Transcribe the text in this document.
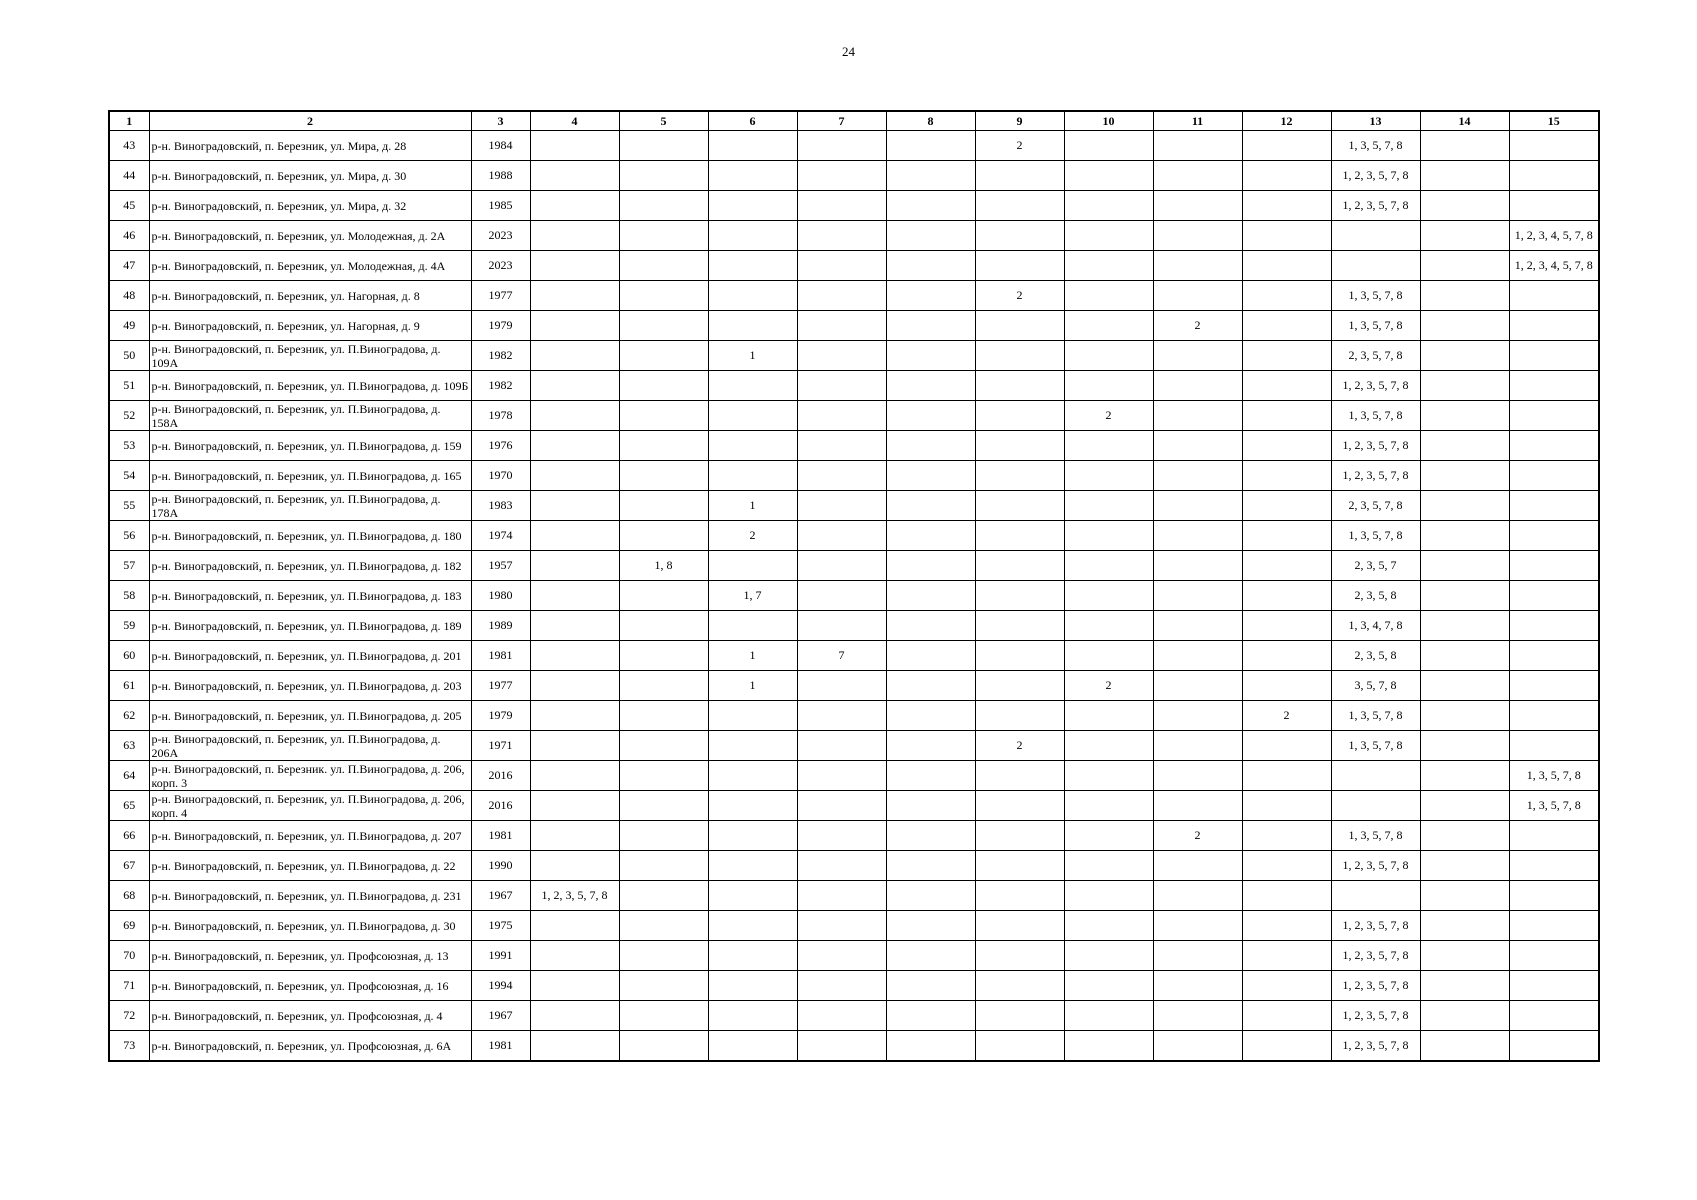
24
1	2	3	4	5	6	7	8	9	10	11	12	13	14	15
43	р-н. Виноградовский, п. Березник, ул. Мира, д. 28	1984						2				1, 3, 5, 7, 8		
44	р-н. Виноградовский, п. Березник, ул. Мира, д. 30	1988										1, 2, 3, 5, 7, 8		
45	р-н. Виноградовский, п. Березник, ул. Мира, д. 32	1985										1, 2, 3, 5, 7, 8		
46	р-н. Виноградовский, п. Березник, ул. Молодежная, д. 2А	2023												1, 2, 3, 4, 5, 7, 8
47	р-н. Виноградовский, п. Березник, ул. Молодежная, д. 4А	2023												1, 2, 3, 4, 5, 7, 8
48	р-н. Виноградовский, п. Березник, ул. Нагорная, д. 8	1977						2				1, 3, 5, 7, 8		
49	р-н. Виноградовский, п. Березник, ул. Нагорная, д. 9	1979								2		1, 3, 5, 7, 8		
50	р-н. Виноградовский, п. Березник, ул. П.Виноградова, д. 109А	1982			1							2, 3, 5, 7, 8		
51	р-н. Виноградовский, п. Березник, ул. П.Виноградова, д. 109Б	1982										1, 2, 3, 5, 7, 8		
52	р-н. Виноградовский, п. Березник, ул. П.Виноградова, д. 158А	1978							2			1, 3, 5, 7, 8		
53	р-н. Виноградовский, п. Березник, ул. П.Виноградова, д. 159	1976										1, 2, 3, 5, 7, 8		
54	р-н. Виноградовский, п. Березник, ул. П.Виноградова, д. 165	1970										1, 2, 3, 5, 7, 8		
55	р-н. Виноградовский, п. Березник, ул. П.Виноградова, д. 178А	1983			1							2, 3, 5, 7, 8		
56	р-н. Виноградовский, п. Березник, ул. П.Виноградова, д. 180	1974			2							1, 3, 5, 7, 8		
57	р-н. Виноградовский, п. Березник, ул. П.Виноградова, д. 182	1957		1, 8								2, 3, 5, 7		
58	р-н. Виноградовский, п. Березник, ул. П.Виноградова, д. 183	1980			1, 7							2, 3, 5, 8		
59	р-н. Виноградовский, п. Березник, ул. П.Виноградова, д. 189	1989										1, 3, 4, 7, 8		
60	р-н. Виноградовский, п. Березник, ул. П.Виноградова, д. 201	1981			1	7						2, 3, 5, 8		
61	р-н. Виноградовский, п. Березник, ул. П.Виноградова, д. 203	1977			1				2			3, 5, 7, 8		
62	р-н. Виноградовский, п. Березник, ул. П.Виноградова, д. 205	1979									2	1, 3, 5, 7, 8		
63	р-н. Виноградовский, п. Березник, ул. П.Виноградова, д. 206А	1971						2				1, 3, 5, 7, 8		
64	р-н. Виноградовский, п. Березник. ул. П.Виноградова, д. 206, корп. 3	2016												1, 3, 5, 7, 8
65	р-н. Виноградовский, п. Березник, ул. П.Виноградова, д. 206, корп. 4	2016												1, 3, 5, 7, 8
66	р-н. Виноградовский, п. Березник, ул. П.Виноградова, д. 207	1981								2		1, 3, 5, 7, 8		
67	р-н. Виноградовский, п. Березник, ул. П.Виноградова, д. 22	1990										1, 2, 3, 5, 7, 8		
68	р-н. Виноградовский, п. Березник, ул. П.Виноградова, д. 231	1967	1, 2, 3, 5, 7, 8											
69	р-н. Виноградовский, п. Березник, ул. П.Виноградова, д. 30	1975										1, 2, 3, 5, 7, 8		
70	р-н. Виноградовский, п. Березник, ул. Профсоюзная, д. 13	1991										1, 2, 3, 5, 7, 8		
71	р-н. Виноградовский, п. Березник, ул. Профсоюзная, д. 16	1994										1, 2, 3, 5, 7, 8		
72	р-н. Виноградовский, п. Березник, ул. Профсоюзная, д. 4	1967										1, 2, 3, 5, 7, 8		
73	р-н. Виноградовский, п. Березник, ул. Профсоюзная, д. 6А	1981										1, 2, 3, 5, 7, 8		
